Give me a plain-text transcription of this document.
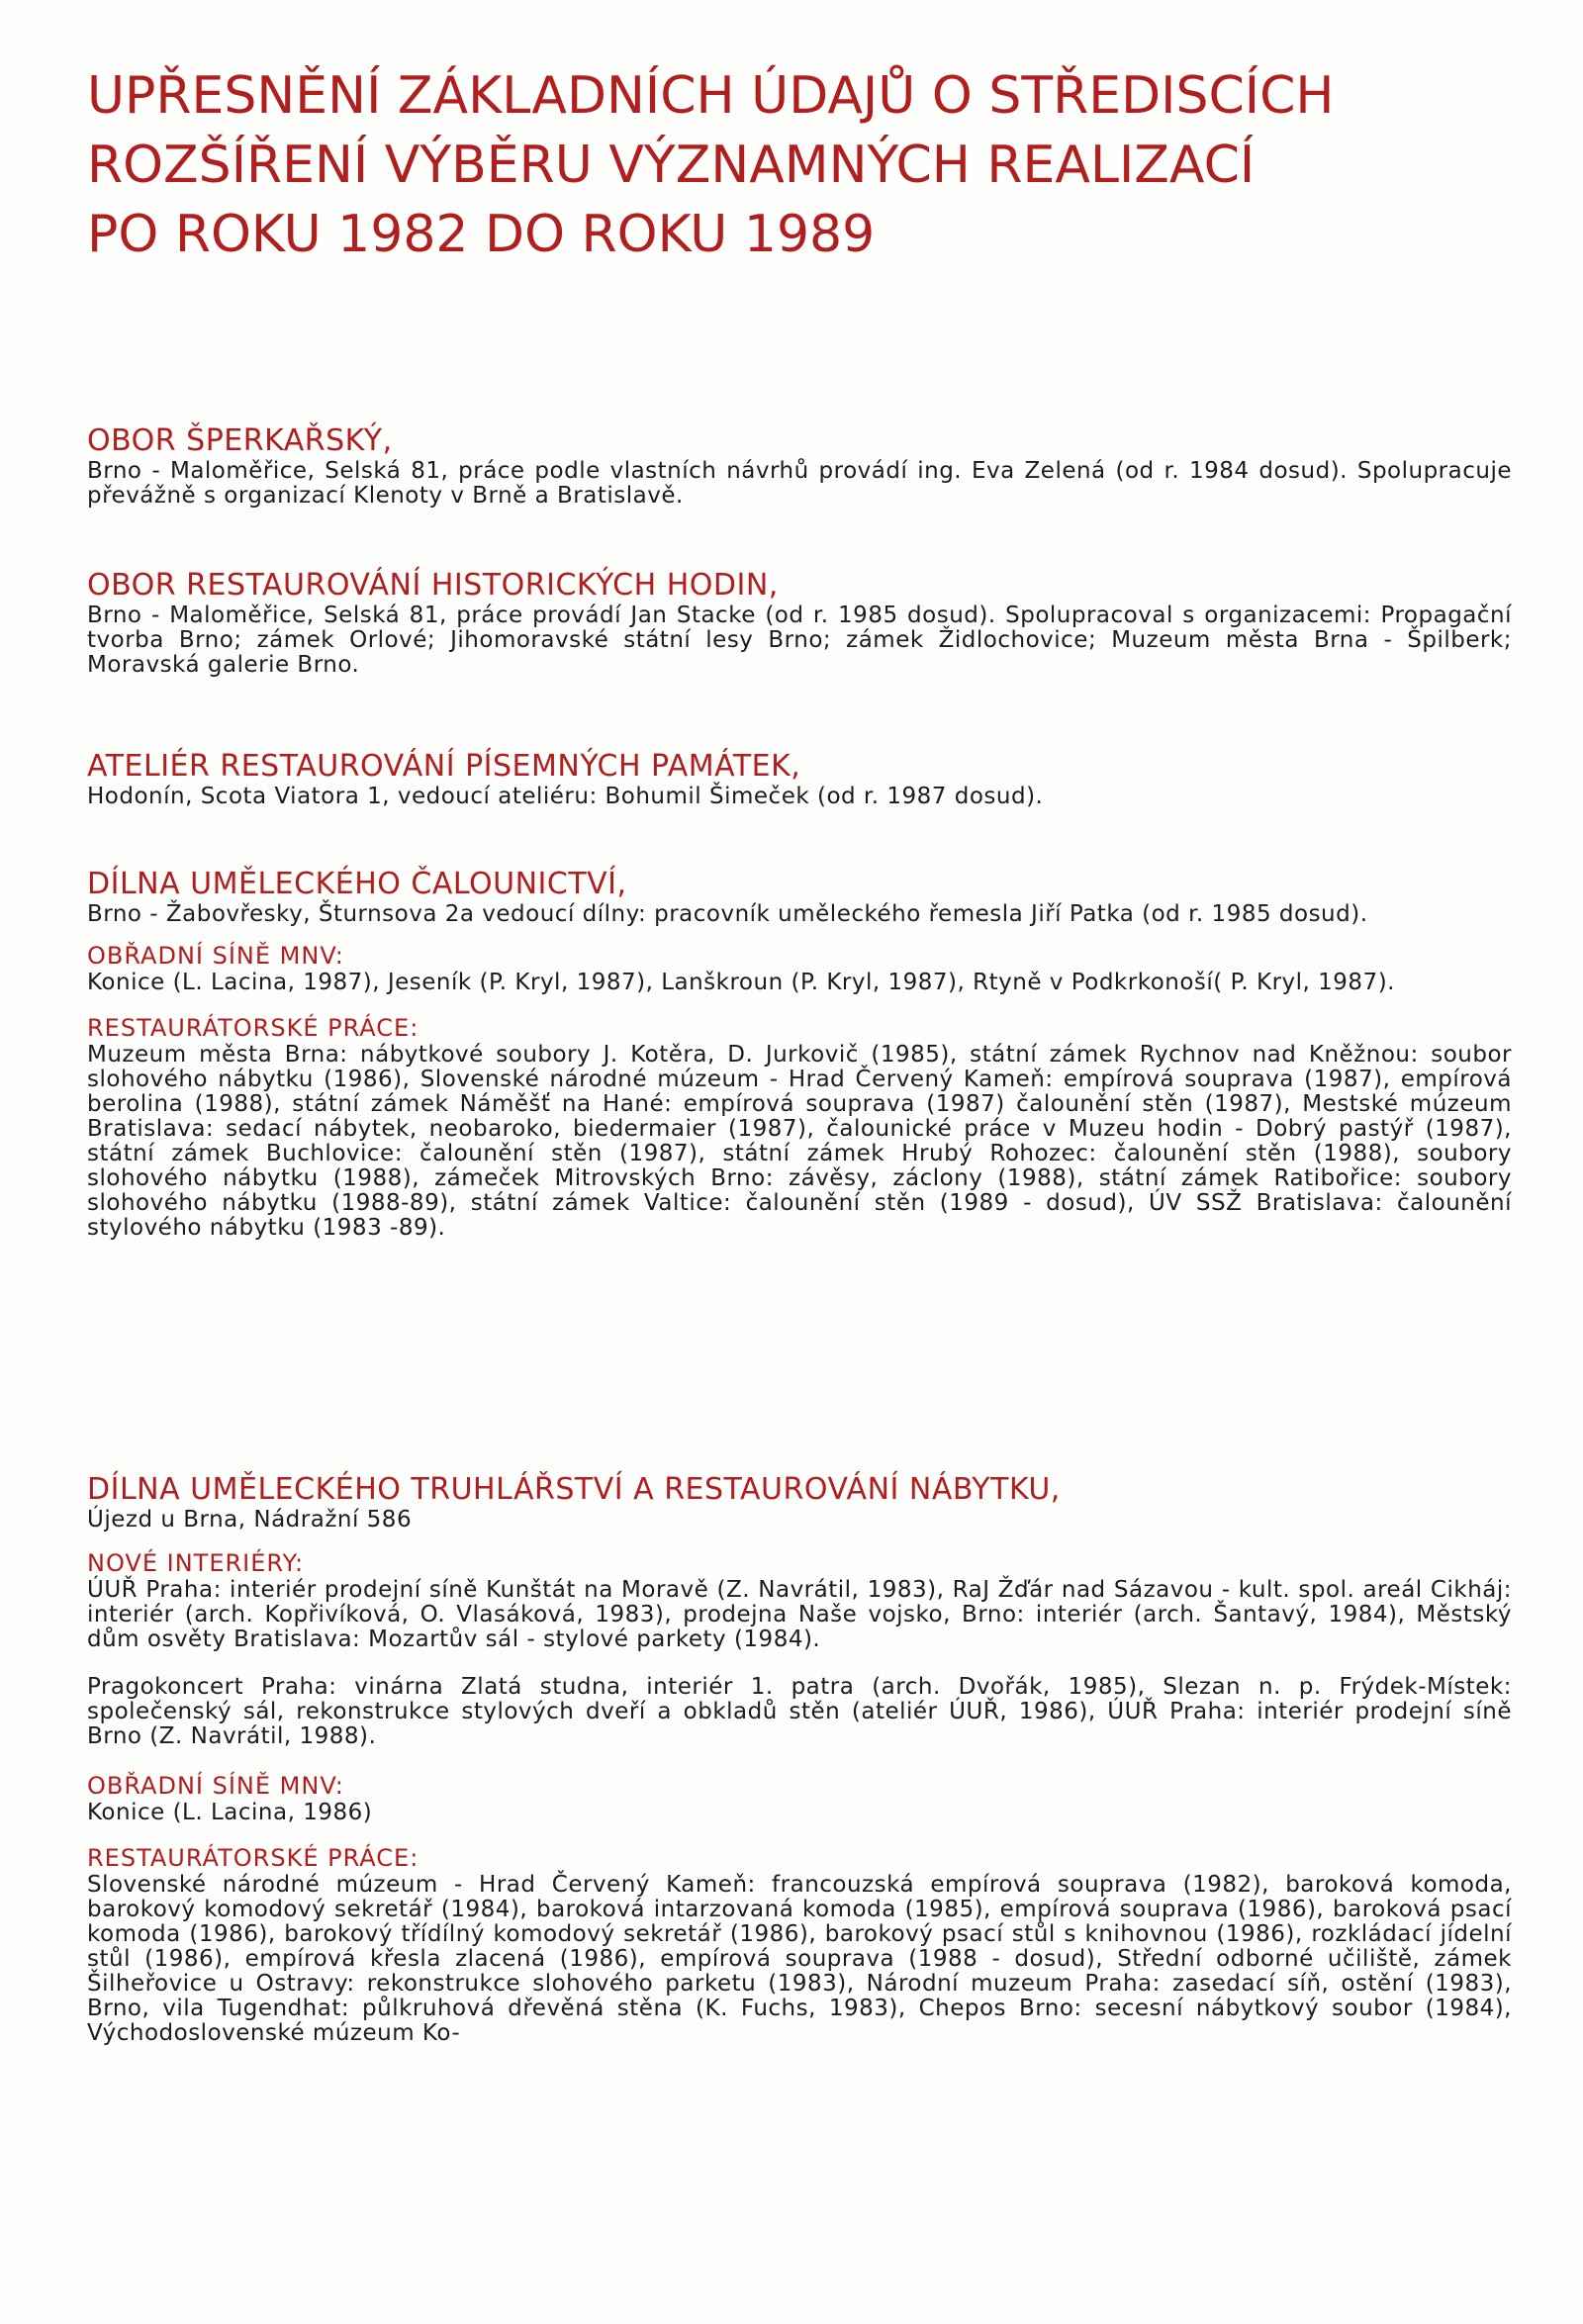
UPŘESNĚNÍ ZÁKLADNÍCH ÚDAJŮ O STŘEDISCÍCH
ROZŠÍŘENÍ VÝBĚRU VÝZNAMNÝCH REALIZACÍ
PO ROKU 1982 DO ROKU 1989
OBOR ŠPERKAŘSKÝ,
Brno - Maloměřice, Selská 81, práce podle vlastních návrhů provádí ing. Eva Zelená (od r. 1984 dosud). Spolupracuje převážně s organizací Klenoty v Brně a Bratislavě.
OBOR RESTAUROVÁNÍ HISTORICKÝCH HODIN,
Brno - Maloměřice, Selská 81, práce provádí Jan Stacke (od r. 1985 dosud). Spolupracoval s organizacemi: Propagační tvorba Brno; zámek Orlové; Jihomoravské státní lesy Brno; zámek Židlochovice; Muzeum města Brna - Špilberk; Moravská galerie Brno.
ATELIÉR RESTAUROVÁNÍ PÍSEMNÝCH PAMÁTEK,
Hodonín, Scota Viatora 1, vedoucí ateliéru: Bohumil Šimeček (od r. 1987 dosud).
DÍLNA UMĚLECKÉHO ČALOUNICTVÍ,
Brno - Žabovřesky, Šturnsova 2a vedoucí dílny: pracovník uměleckého řemesla Jiří Patka (od r. 1985 dosud).
OBŘADNÍ SÍNĚ MNV:
Konice (L. Lacina, 1987), Jeseník (P. Kryl, 1987), Lanškroun (P. Kryl, 1987), Rtyně v Podkrkonoší( P. Kryl, 1987).
RESTAURÁTORSKÉ PRÁCE:
Muzeum města Brna: nábytkové soubory J. Kotěra, D. Jurkovič (1985), státní zámek Rychnov nad Kněžnou: soubor slohového nábytku (1986), Slovenské národné múzeum - Hrad Červený Kameň: empírová souprava (1987), empírová berolina (1988), státní zámek Náměšť na Hané: empírová souprava (1987) čalounění stěn (1987), Mestské múzeum Bratislava: sedací nábytek, neobaroko, biedermaier (1987), čalounické práce v Muzeu hodin - Dobrý pastýř (1987), státní zámek Buchlovice: čalounění stěn (1987), státní zámek Hrubý Rohozec: čalounění stěn (1988), soubory slohového nábytku (1988), zámeček Mitrovských Brno: závěsy, záclony (1988), státní zámek Ratibořice: soubory slohového nábytku (1988-89), státní zámek Valtice: čalounění stěn (1989 - dosud), ÚV SSŽ Bratislava: čalounění stylového nábytku (1983 -89).
DÍLNA UMĚLECKÉHO TRUHLÁŘSTVÍ A RESTAUROVÁNÍ NÁBYTKU,
Újezd u Brna, Nádražní 586
NOVÉ INTERIÉRY:
ÚUŘ Praha: interiér prodejní síně Kunštát na Moravě (Z. Navrátil, 1983), RaJ Žďár nad Sázavou - kult. spol. areál Cikháj: interiér (arch. Kopřivíková, O. Vlasáková, 1983), prodejna Naše vojsko, Brno: interiér (arch. Šantavý, 1984), Městský dům osvěty Bratislava: Mozartův sál - stylové parkety (1984).
Pragokoncert Praha: vinárna Zlatá studna, interiér 1. patra (arch. Dvořák, 1985), Slezan n. p. Frýdek-Místek: společenský sál, rekonstrukce stylových dveří a obkladů stěn (ateliér ÚUŘ, 1986), ÚUŘ Praha: interiér prodejní síně Brno (Z. Navrátil, 1988).
OBŘADNÍ SÍNĚ MNV:
Konice (L. Lacina, 1986)
RESTAURÁTORSKÉ PRÁCE:
Slovenské národné múzeum - Hrad Červený Kameň: francouzská empírová souprava (1982), baroková komoda, barokový komodový sekretář (1984), baroková intarzovaná komoda (1985), empírová souprava (1986), baroková psací komoda (1986), barokový třídílný komodový sekretář (1986), barokový psací stůl s knihovnou (1986), rozkládací jídelní stůl (1986), empírová křesla zlacená (1986), empírová souprava (1988 - dosud), Střední odborné učiliště, zámek Šilheřovice u Ostravy: rekonstrukce slohového parketu (1983), Národní muzeum Praha: zasedací síň, ostění (1983), Brno, vila Tugendhat: půlkruhová dřevěná stěna (K. Fuchs, 1983), Chepos Brno: secesní nábytkový soubor (1984), Východoslovenské múzeum Ko-
